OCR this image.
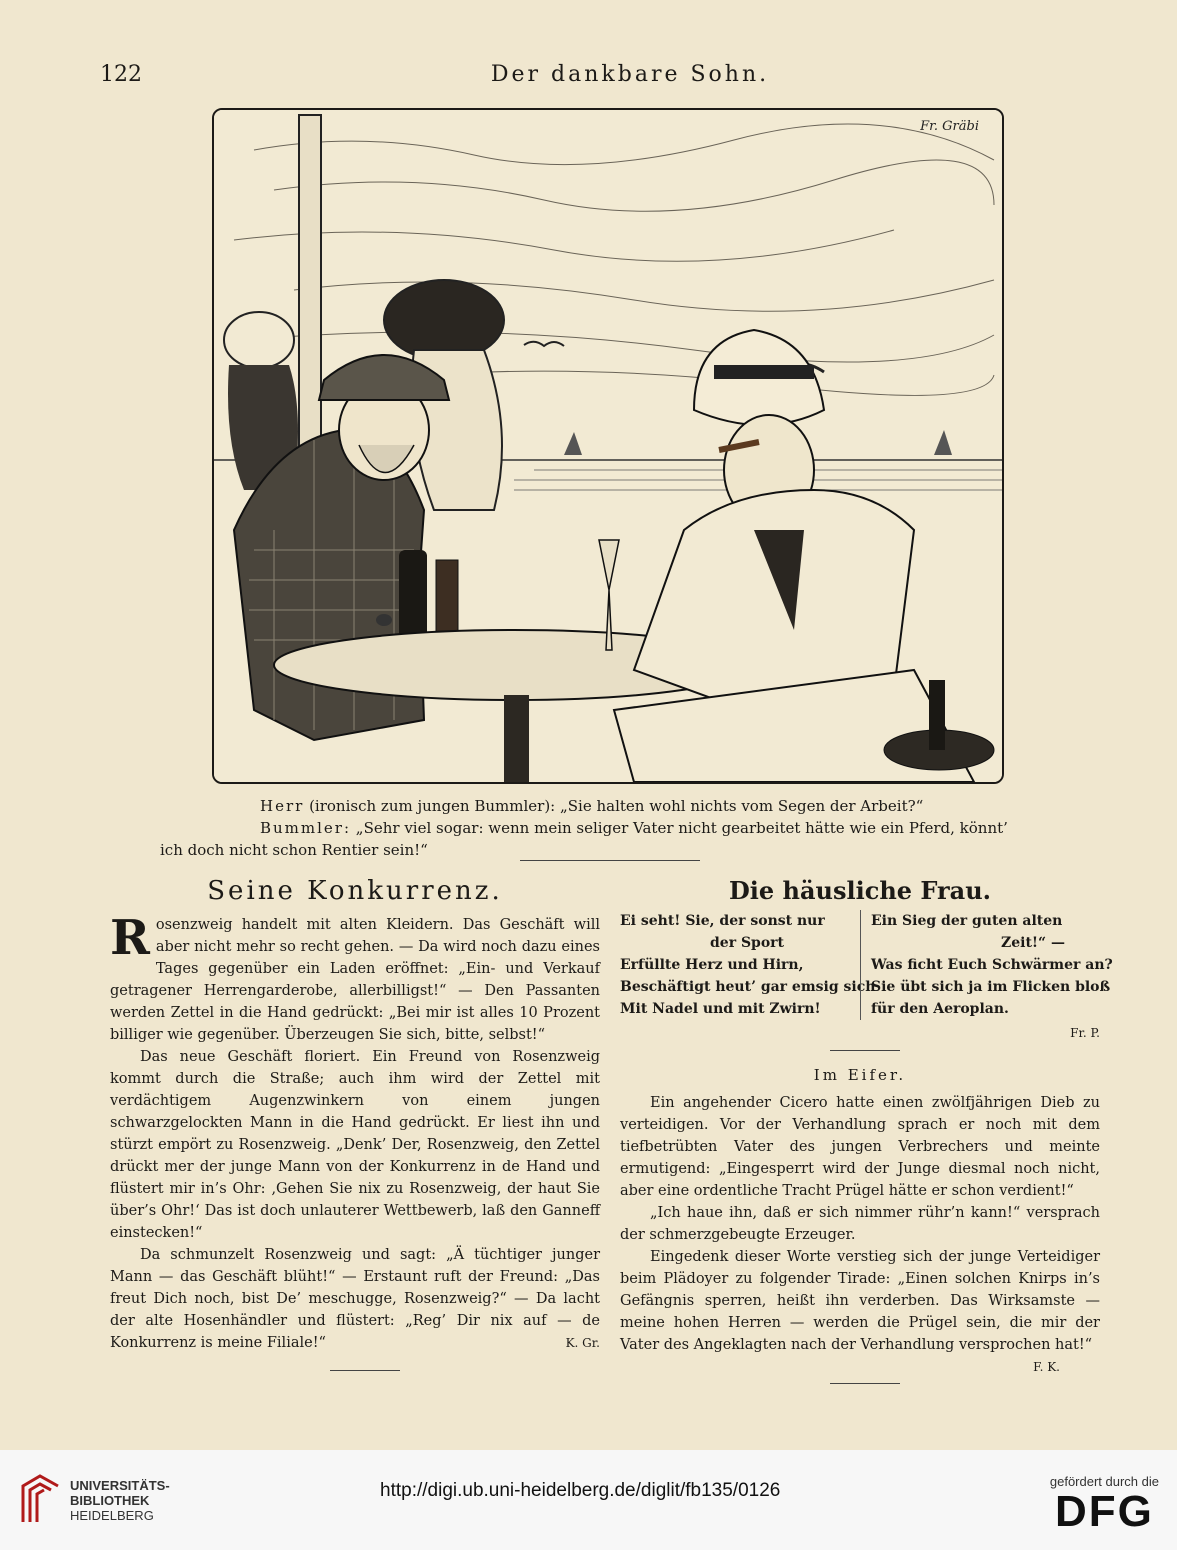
122	Der dankbare Sohn.
Fr. Gräbi

Herr (ironisch zum jungen Bummler): „Sie halten wohl nichts vom Segen der Arbeit?“

Bummler: „Sehr viel sogar: wenn mein seliger Vater nicht gearbeitet hätte wie ein Pferd, könnt’

ich doch nicht schon Rentier sein!“

Seine Konkurrenz.

Rosenzweig handelt mit alten Kleidern. Das Geschäft will aber nicht mehr so recht gehen. — Da wird noch dazu eines Tages gegenüber ein Laden eröffnet: „Ein- und Verkauf getragener Herrengarderobe, allerbilligst!“ — Den Passanten werden Zettel in die Hand gedrückt: „Bei mir ist alles 10 Prozent billiger wie gegenüber. Überzeugen Sie sich, bitte, selbst!“

Das neue Geschäft floriert. Ein Freund von Rosenzweig kommt durch die Straße; auch ihm wird der Zettel mit verdächtigem Augenzwinkern von einem jungen schwarzgelockten Mann in die Hand gedrückt. Er liest ihn und stürzt empört zu Rosenzweig. „Denk’ Der, Rosenzweig, den Zettel drückt mer der junge Mann von der Konkurrenz in de Hand und flüstert mir in’s Ohr: ‚Gehen Sie nix zu Rosenzweig, der haut Sie über’s Ohr!‘ Das ist doch unlauterer Wettbewerb, laß den Ganneff einstecken!“

Da schmunzelt Rosenzweig und sagt: „Ä tüchtiger junger Mann — das Geschäft blüht!“ — Erstaunt ruft der Freund: „Das freut Dich noch, bist De’ meschugge, Rosenzweig?“ — Da lacht der alte Hosenhändler und flüstert: „Reg’ Dir nix auf — de Konkurrenz is meine Filiale!“	K. Gr.

Die häusliche Frau.
Ei seht! Sie, der sonst nur
der Sport
Erfüllte Herz und Hirn,
Beschäftigt heut’ gar emsig sich
Mit Nadel und mit Zwirn!
Ein Sieg der guten alten
Zeit!“ —
Was ficht Euch Schwärmer an?
Sie übt sich ja im Flicken bloß
für den Aeroplan.
Fr. P.
Im Eifer.

Ein angehender Cicero hatte einen zwölfjährigen Dieb zu verteidigen. Vor der Verhandlung sprach er noch mit dem tiefbetrübten Vater des jungen Verbrechers und meinte ermutigend: „Eingesperrt wird der Junge diesmal noch nicht, aber eine ordentliche Tracht Prügel hätte er schon verdient!“

„Ich haue ihn, daß er sich nimmer rühr’n kann!“ versprach der schmerzgebeugte Erzeuger.

Eingedenk dieser Worte verstieg sich der junge Verteidiger beim Plädoyer zu folgender Tirade: „Einen solchen Knirps in’s Gefängnis sperren, heißt ihn verderben. Das Wirksamste — meine hohen Herren — werden die Prügel sein, die mir der Vater des Angeklagten nach der Verhandlung versprochen hat!“

F. K.
UNIVERSITÄTS-
BIBLIOTHEK
HEIDELBERG
http://digi.ub.uni-heidelberg.de/diglit/fb135/0126	gefördert durch die
DFG
